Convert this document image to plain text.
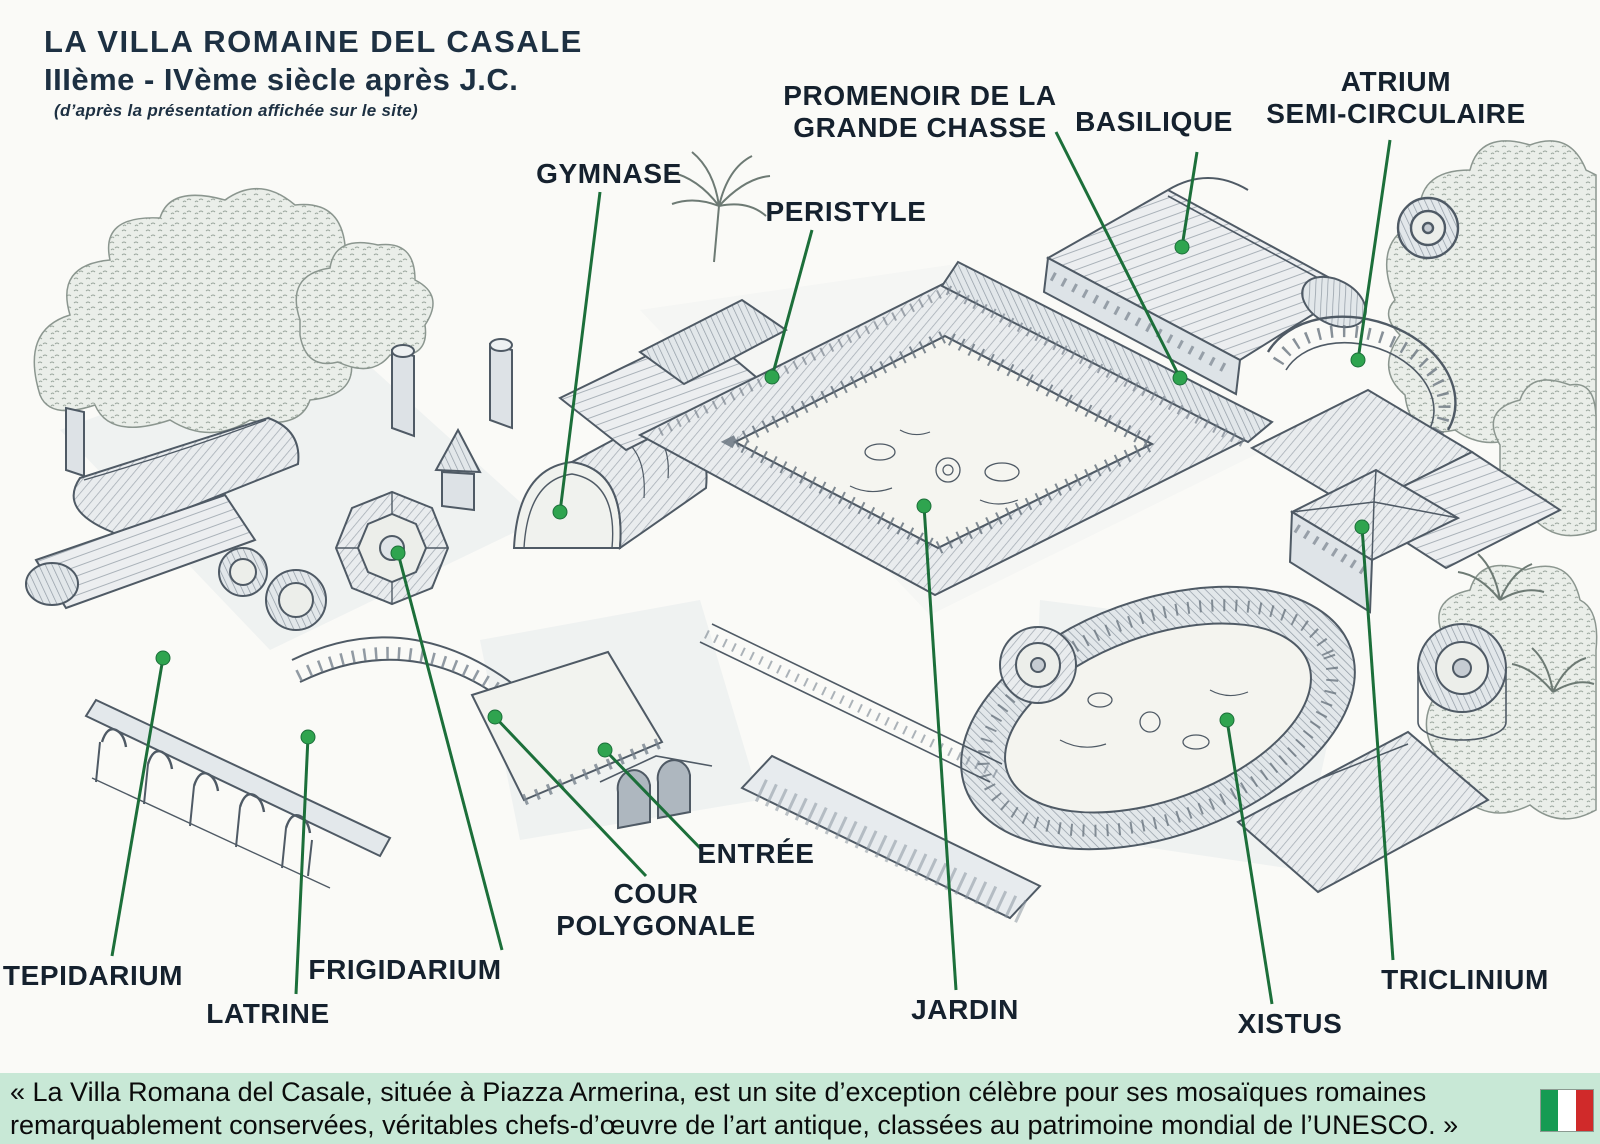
LA VILLA ROMAINE DEL CASALE
IIIème - IVème siècle après J.C.
(d’après la présentation affichée sur le site)
GYMNASE
PERISTYLE
PROMENOIR DE LA
GRANDE CHASSE	BASILIQUE
ATRIUM
SEMI-CIRCULAIRE
TEPIDARIUM
LATRINE
FRIGIDARIUM
COUR
POLYGONALE
ENTRÉE
JARDIN	XISTUS
TRICLINIUM

« La Villa Romana del Casale, située à Piazza Armerina, est un site d’exception célèbre pour ses mosaïques romaines remarquablement conservées, véritables chefs-d’œuvre de l’art antique, classées au patrimoine mondial de l’UNESCO. »
